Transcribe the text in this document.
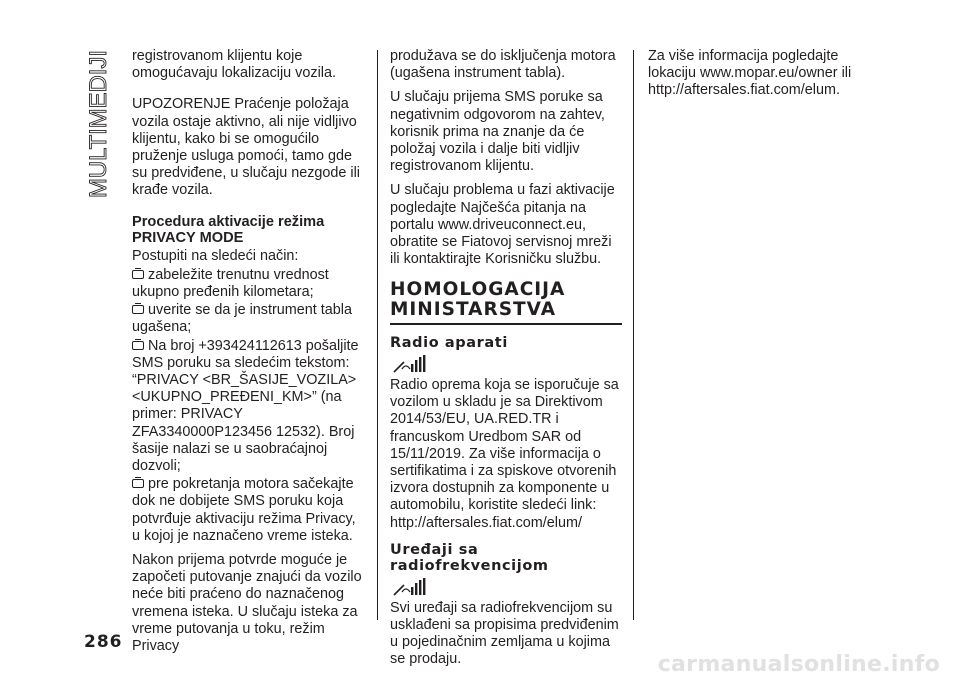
MULTIMEDIJI registrovanom klijentu koje omogućavaju lokalizaciju vozila.

UPOZORENJE Praćenje položaja vozila ostaje aktivno, ali nije vidljivo klijentu, kako bi se omogućilo pruženje usluga pomoći, tamo gde su predviđene, u slučaju nezgode ili krađe vozila.

Procedura aktivacije režima
PRIVACY MODE

Postupiti na sledeći način:

zabeležite trenutnu vrednost ukupno pređenih kilometara;

uverite se da je instrument tabla ugašena;

Na broj +393424112613 pošaljite SMS poruku sa sledećim tekstom: “PRIVACY <BR_ŠASIJE_VOZILA> <UKUPNO_PREĐENI_KM>” (na primer: PRIVACY ZFA3340000P123456 12532). Broj šasije nalazi se u saobraćajnoj dozvoli;

pre pokretanja motora sačekajte dok ne dobijete SMS poruku koja potvrđuje aktivaciju režima Privacy, u kojoj je naznačeno vreme isteka.

Nakon prijema potvrde moguće je započeti putovanje znajući da vozilo neće biti praćeno do naznačenog vremena isteka. U slučaju isteka za vreme putovanja u toku, režim Privacy

produžava se do isključenja motora (ugašena instrument tabla).

U slučaju prijema SMS poruke sa negativnim odgovorom na zahtev, korisnik prima na znanje da će položaj vozila i dalje biti vidljiv registrovanom klijentu.

U slučaju problema u fazi aktivacije pogledajte Najčešća pitanja na portalu www.driveuconnect.eu, obratite se Fiatovoj servisnoj mreži ili kontaktirajte Korisničku službu.

HOMOLOGACIJA
MINISTARSTVA
Radio aparati

Radio oprema koja se isporučuje sa vozilom u skladu je sa Direktivom 2014/53/EU, UA.RED.TR i francuskom Uredbom SAR od 15/11/2019. Za više informacija o sertifikatima i za spiskove otvorenih izvora dostupnih za komponente u automobilu, koristite sledeći link: http://aftersales.fiat.com/elum/

Uređaji sa
radiofrekvencijom

Svi uređaji sa radiofrekvencijom su usklađeni sa propisima predviđenim u pojedinačnim zemljama u kojima se prodaju.

Za više informacija pogledajte lokaciju www.mopar.eu/owner ili http://aftersales.fiat.com/elum.

286
carmanualsonline.info
